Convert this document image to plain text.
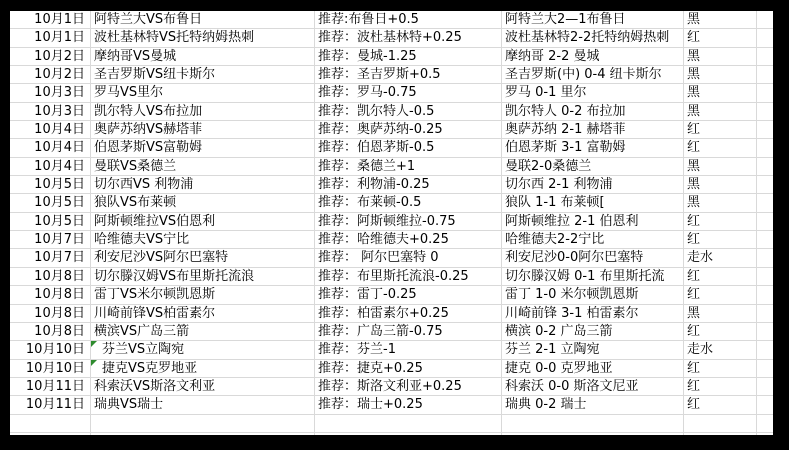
10月1日 阿特兰大VS布鲁日	推荐:布鲁日+0.5	阿特兰大2—1布鲁日	黑
10月1日 波杜基林特VS托特纳姆热刺	推荐：波杜基林特+0.25	波杜基林特2-2托特纳姆热刺	红
10月2日 摩纳哥VS曼城	推荐：曼城-1.25	摩纳哥 2-2 曼城	黑
10月2日 圣吉罗斯VS纽卡斯尔	推荐：圣吉罗斯+0.5	圣吉罗斯(中) 0-4 纽卡斯尔	黑
10月3日 罗马VS里尔	推荐：罗马-0.75	罗马 0-1 里尔	黑
10月3日 凯尔特人VS布拉加	推荐：凯尔特人-0.5	凯尔特人 0-2 布拉加	黑
10月4日 奥萨苏纳VS赫塔菲	推荐：奥萨苏纳-0.25	奥萨苏纳 2-1 赫塔菲	红
10月4日 伯恩茅斯VS富勒姆	推荐：伯恩茅斯-0.5	伯恩茅斯 3-1 富勒姆	红
10月4日 曼联VS桑德兰	推荐：桑德兰+1	曼联2-0桑德兰	黑
10月5日 切尔西VS 利物浦	推荐：利物浦-0.25	切尔西 2-1 利物浦	黑
10月5日 狼队VS布莱顿	推荐：布莱顿-0.5	狼队 1-1 布莱顿[	黑
10月5日 阿斯顿维拉VS伯恩利	推荐：阿斯顿维拉-0.75	阿斯顿维拉 2-1 伯恩利	红
10月7日 哈维德夫VS宁比	推荐：哈维德夫+0.25	哈维德夫2-2宁比	红
10月7日 利安尼沙VS阿尔巴塞特	推荐： 阿尔巴塞特 0	利安尼沙0-0阿尔巴塞特	走水
10月8日 切尔滕汉姆VS布里斯托流浪	推荐：布里斯托流浪-0.25	切尔滕汉姆 0-1 布里斯托流	红
10月8日 雷丁VS米尔顿凯恩斯	推荐：雷丁-0.25	雷丁 1-0 米尔顿凯恩斯	红
10月8日 川崎前锋VS柏雷素尔	推荐：柏雷素尔+0.25	川崎前锋 3-1 柏雷素尔	黑
10月8日 横滨VS广岛三箭	推荐：广岛三箭-0.75	横滨 0-2 广岛三箭	红
10月10日	芬兰VS立陶宛	推荐：芬兰-1	芬兰 2-1 立陶宛	走水
10月10日	捷克VS克罗地亚	推荐：捷克+0.25	捷克 0-0 克罗地亚	红
10月11日 科索沃VS斯洛文利亚	推荐：斯洛文利亚+0.25	科索沃 0-0 斯洛文尼亚	红
10月11日 瑞典VS瑞士	推荐：瑞士+0.25	瑞典 0-2 瑞士	红
